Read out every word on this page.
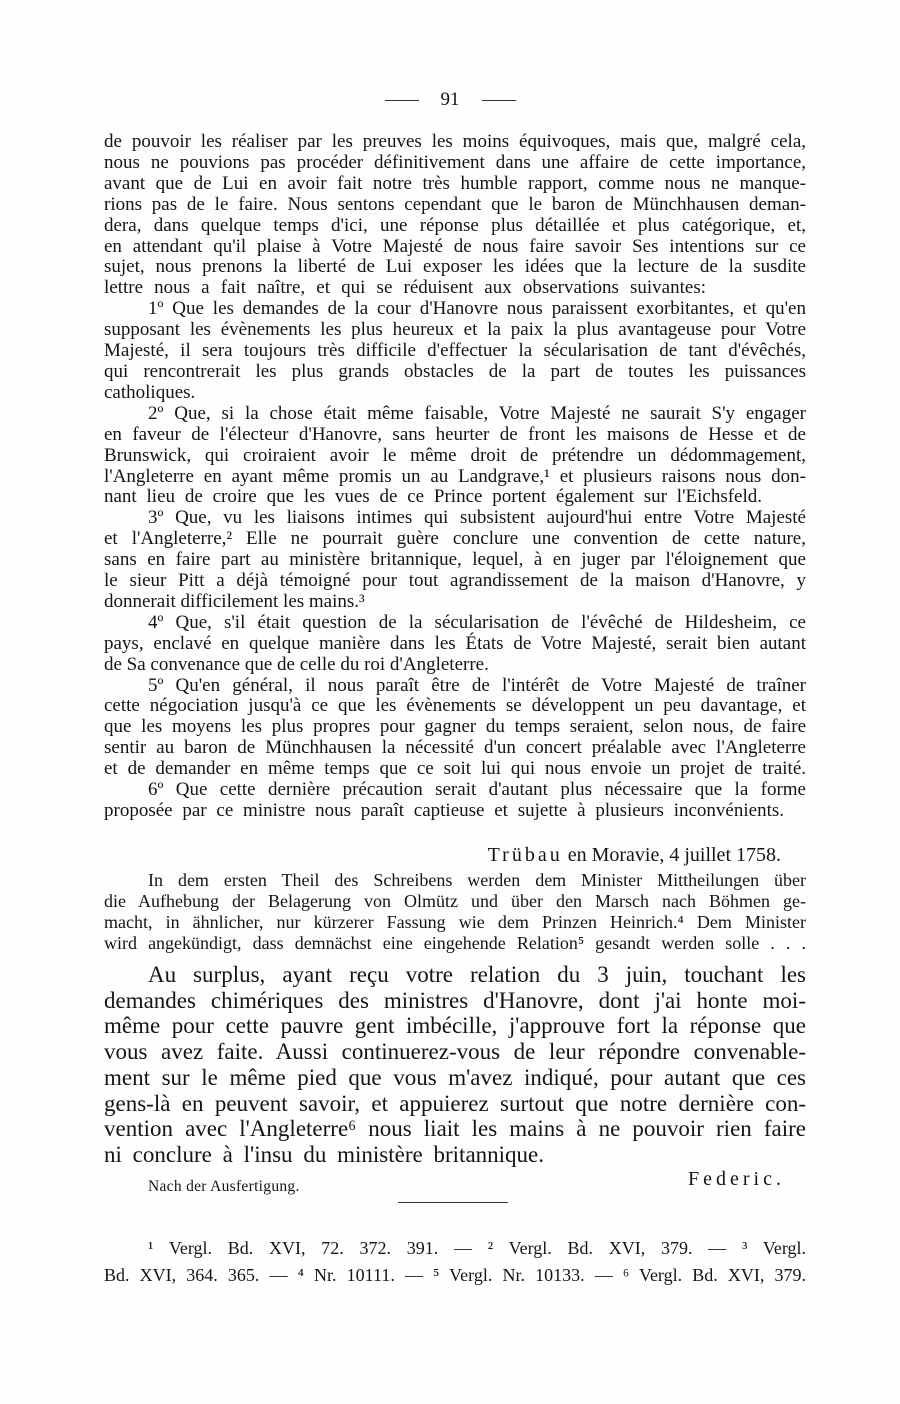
91
de pouvoir les réaliser par les preuves les moins équivoques, mais que, malgré cela,
nous ne pouvions pas procéder définitivement dans une affaire de cette importance,
avant que de Lui en avoir fait notre très humble rapport, comme nous ne manque-
rions pas de le faire. Nous sentons cependant que le baron de Münchhausen deman-
dera, dans quelque temps d'ici, une réponse plus détaillée et plus catégorique, et,
en attendant qu'il plaise à Votre Majesté de nous faire savoir Ses intentions sur ce
sujet, nous prenons la liberté de Lui exposer les idées que la lecture de la susdite
lettre nous a fait naître, et qui se réduisent aux observations suivantes:
1º Que les demandes de la cour d'Hanovre nous paraissent exorbitantes, et qu'en
supposant les évènements les plus heureux et la paix la plus avantageuse pour Votre
Majesté, il sera toujours très difficile d'effectuer la sécularisation de tant d'évêchés,
qui rencontrerait les plus grands obstacles de la part de toutes les puissances
catholiques.
2º Que, si la chose était même faisable, Votre Majesté ne saurait S'y engager
en faveur de l'électeur d'Hanovre, sans heurter de front les maisons de Hesse et de
Brunswick, qui croiraient avoir le même droit de prétendre un dédommagement,
l'Angleterre en ayant même promis un au Landgrave,¹ et plusieurs raisons nous don-
nant lieu de croire que les vues de ce Prince portent également sur l'Eichsfeld.
3º Que, vu les liaisons intimes qui subsistent aujourd'hui entre Votre Majesté
et l'Angleterre,² Elle ne pourrait guère conclure une convention de cette nature,
sans en faire part au ministère britannique, lequel, à en juger par l'éloignement que
le sieur Pitt a déjà témoigné pour tout agrandissement de la maison d'Hanovre, y
donnerait difficilement les mains.³
4º Que, s'il était question de la sécularisation de l'évêché de Hildesheim, ce
pays, enclavé en quelque manière dans les États de Votre Majesté, serait bien autant
de Sa convenance que de celle du roi d'Angleterre.
5º Qu'en général, il nous paraît être de l'intérêt de Votre Majesté de traîner
cette négociation jusqu'à ce que les évènements se développent un peu davantage, et
que les moyens les plus propres pour gagner du temps seraient, selon nous, de faire
sentir au baron de Münchhausen la nécessité d'un concert préalable avec l'Angleterre
et de demander en même temps que ce soit lui qui nous envoie un projet de traité.
6º Que cette dernière précaution serait d'autant plus nécessaire que la forme
proposée par ce ministre nous paraît captieuse et sujette à plusieurs inconvénients.
Trübau en Moravie, 4 juillet 1758.
In dem ersten Theil des Schreibens werden dem Minister Mittheilungen über
die Aufhebung der Belagerung von Olmütz und über den Marsch nach Böhmen ge-
macht, in ähnlicher, nur kürzerer Fassung wie dem Prinzen Heinrich.⁴ Dem Minister
wird angekündigt, dass demnächst eine eingehende Relation⁵ gesandt werden solle . . .
Au surplus, ayant reçu votre relation du 3 juin, touchant les
demandes chimériques des ministres d'Hanovre, dont j'ai honte moi-
même pour cette pauvre gent imbécille, j'approuve fort la réponse que
vous avez faite. Aussi continuerez-vous de leur répondre convenable-
ment sur le même pied que vous m'avez indiqué, pour autant que ces
gens-là en peuvent savoir, et appuierez surtout que notre dernière con-
vention avec l'Angleterre⁶ nous liait les mains à ne pouvoir rien faire
ni conclure à l'insu du ministère britannique.
Federic.
Nach der Ausfertigung.
¹ Vergl. Bd. XVI, 72. 372. 391. — ² Vergl. Bd. XVI, 379. — ³ Vergl.
Bd. XVI, 364. 365. — ⁴ Nr. 10111. — ⁵ Vergl. Nr. 10133. — ⁶ Vergl. Bd. XVI, 379.
